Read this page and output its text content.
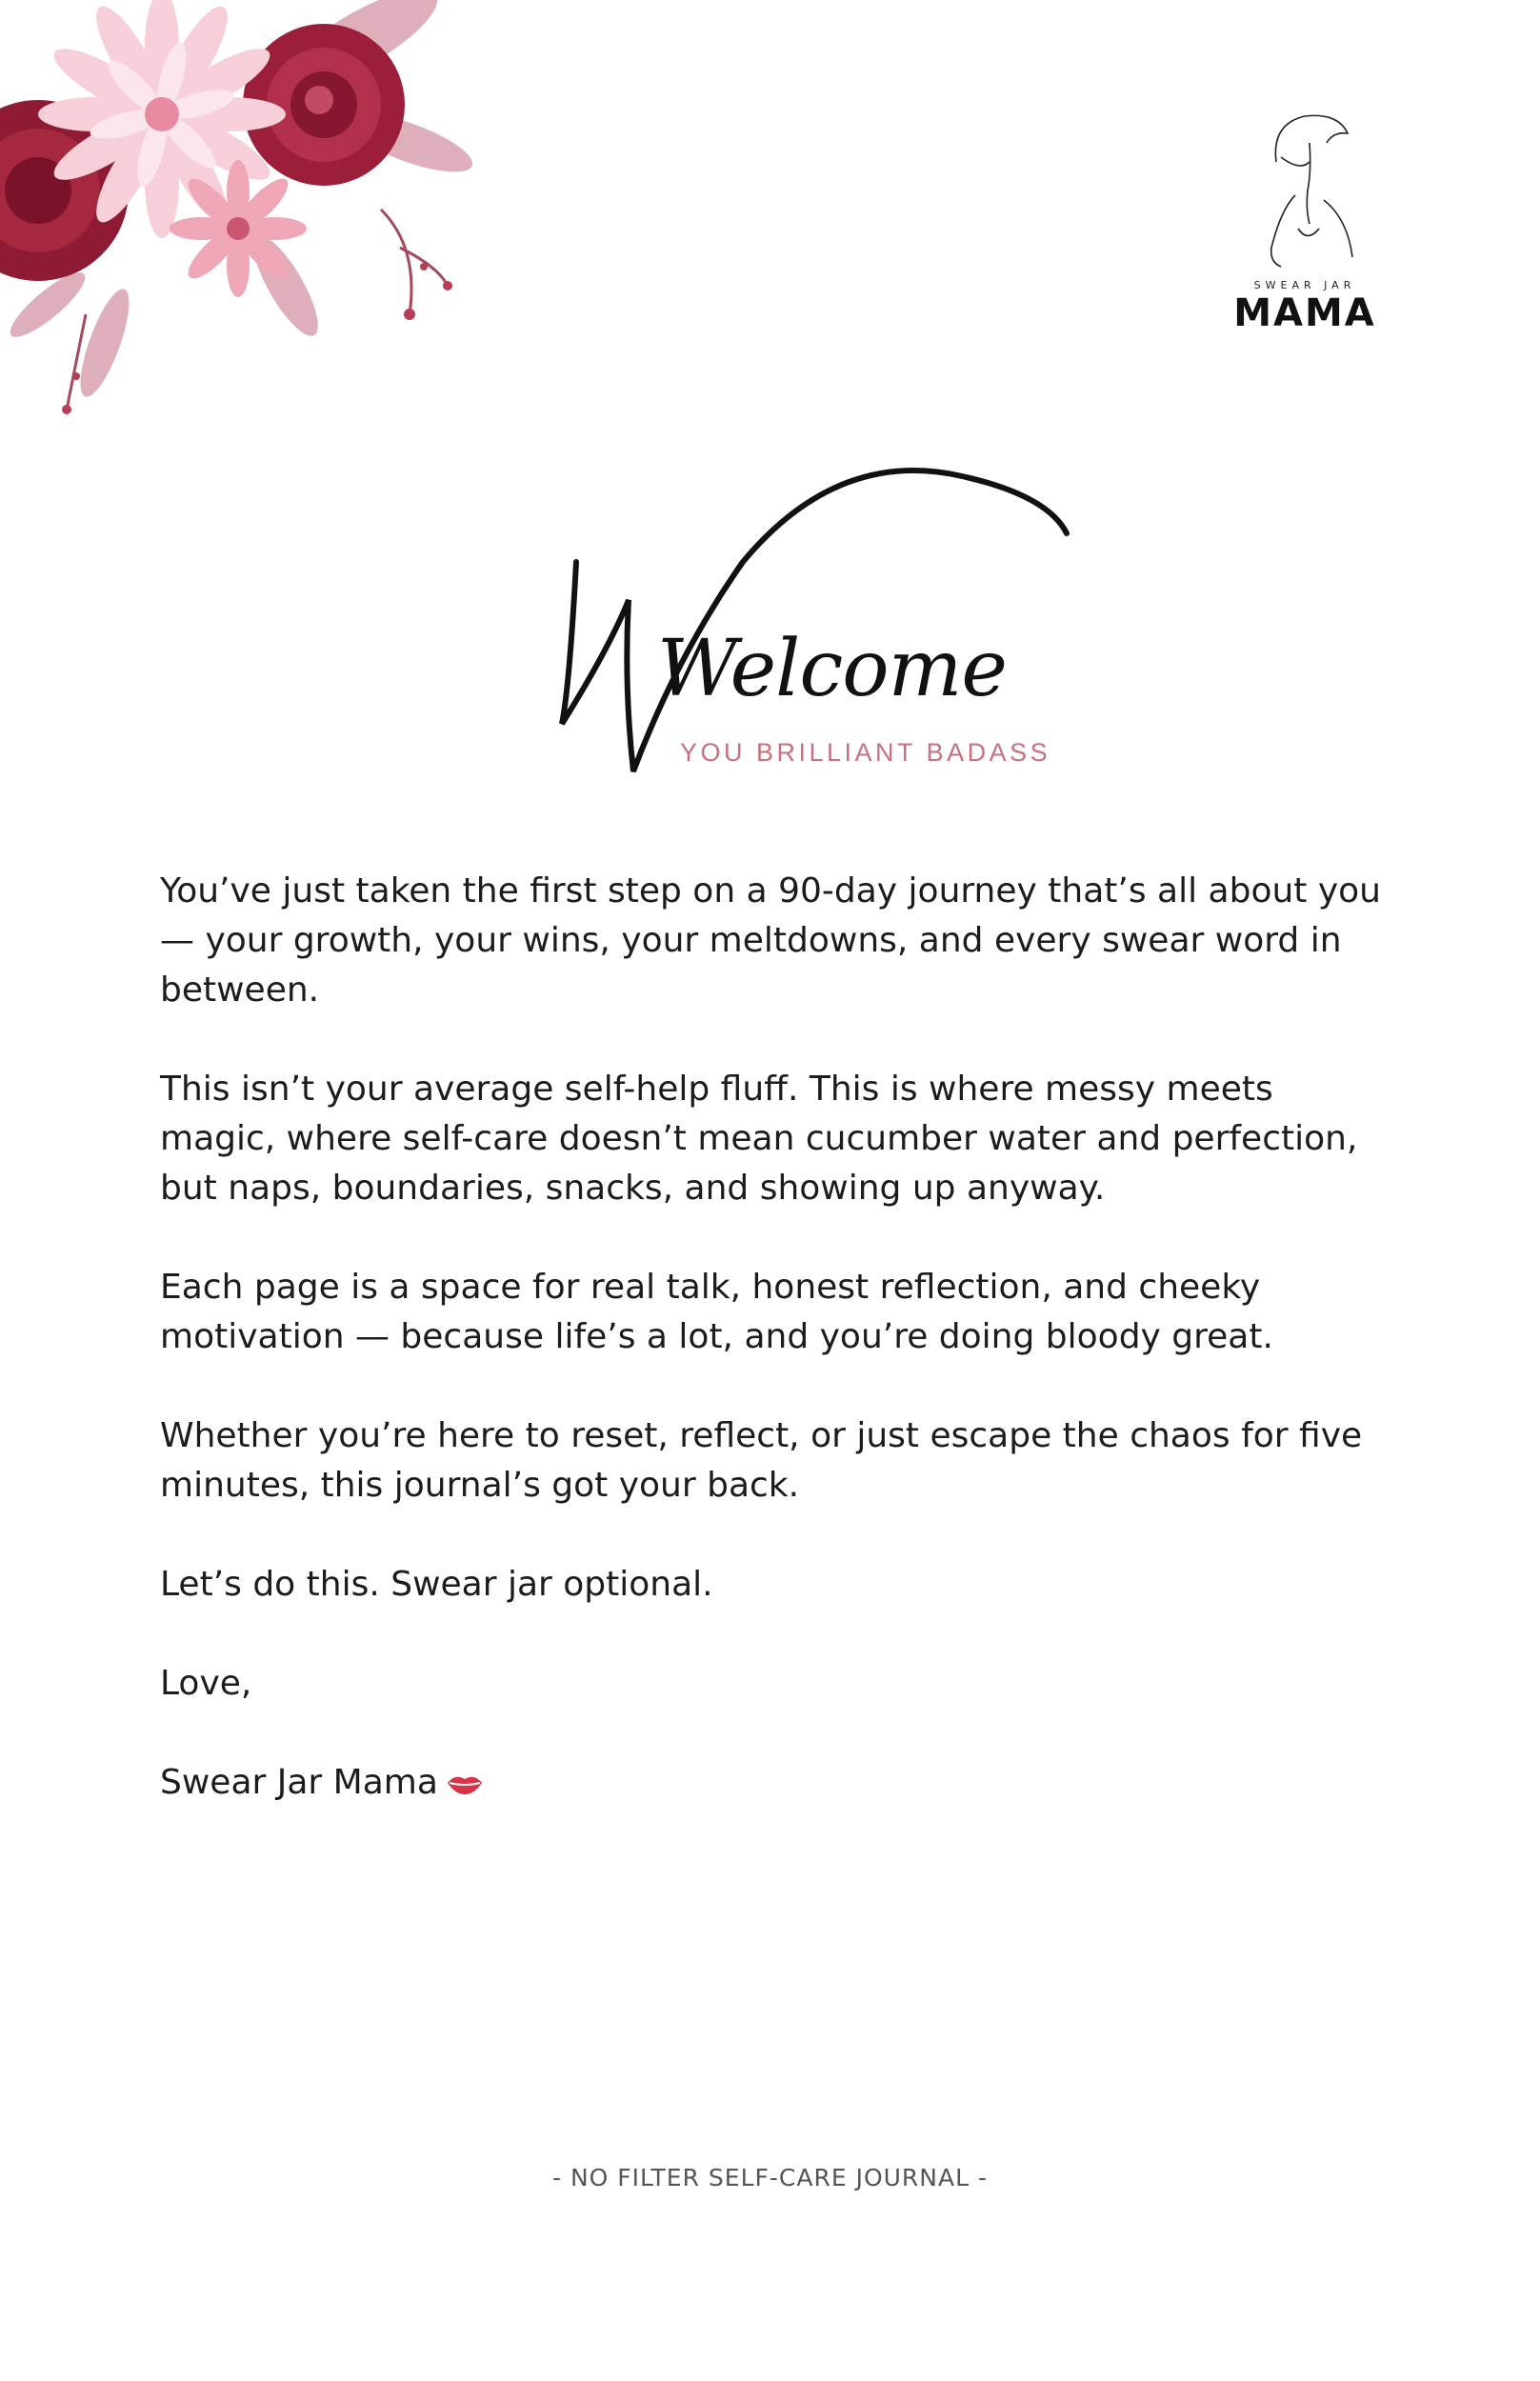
SWEAR JAR
MAMA
Welcome
YOU BRILLIANT BADASS

You’ve just taken the first step on a 90-day journey that’s all about you — your growth, your wins, your meltdowns, and every swear word in between.

This isn’t your average self-help fluff. This is where messy meets magic, where self-care doesn’t mean cucumber water and perfection, but naps, boundaries, snacks, and showing up anyway.

Each page is a space for real talk, honest reflection, and cheeky motivation — because life’s a lot, and you’re doing bloody great.

Whether you’re here to reset, reflect, or just escape the chaos for five minutes, this journal’s got your back.

Let’s do this. Swear jar optional.

Love,

Swear Jar Mama

- NO FILTER SELF-CARE JOURNAL -
